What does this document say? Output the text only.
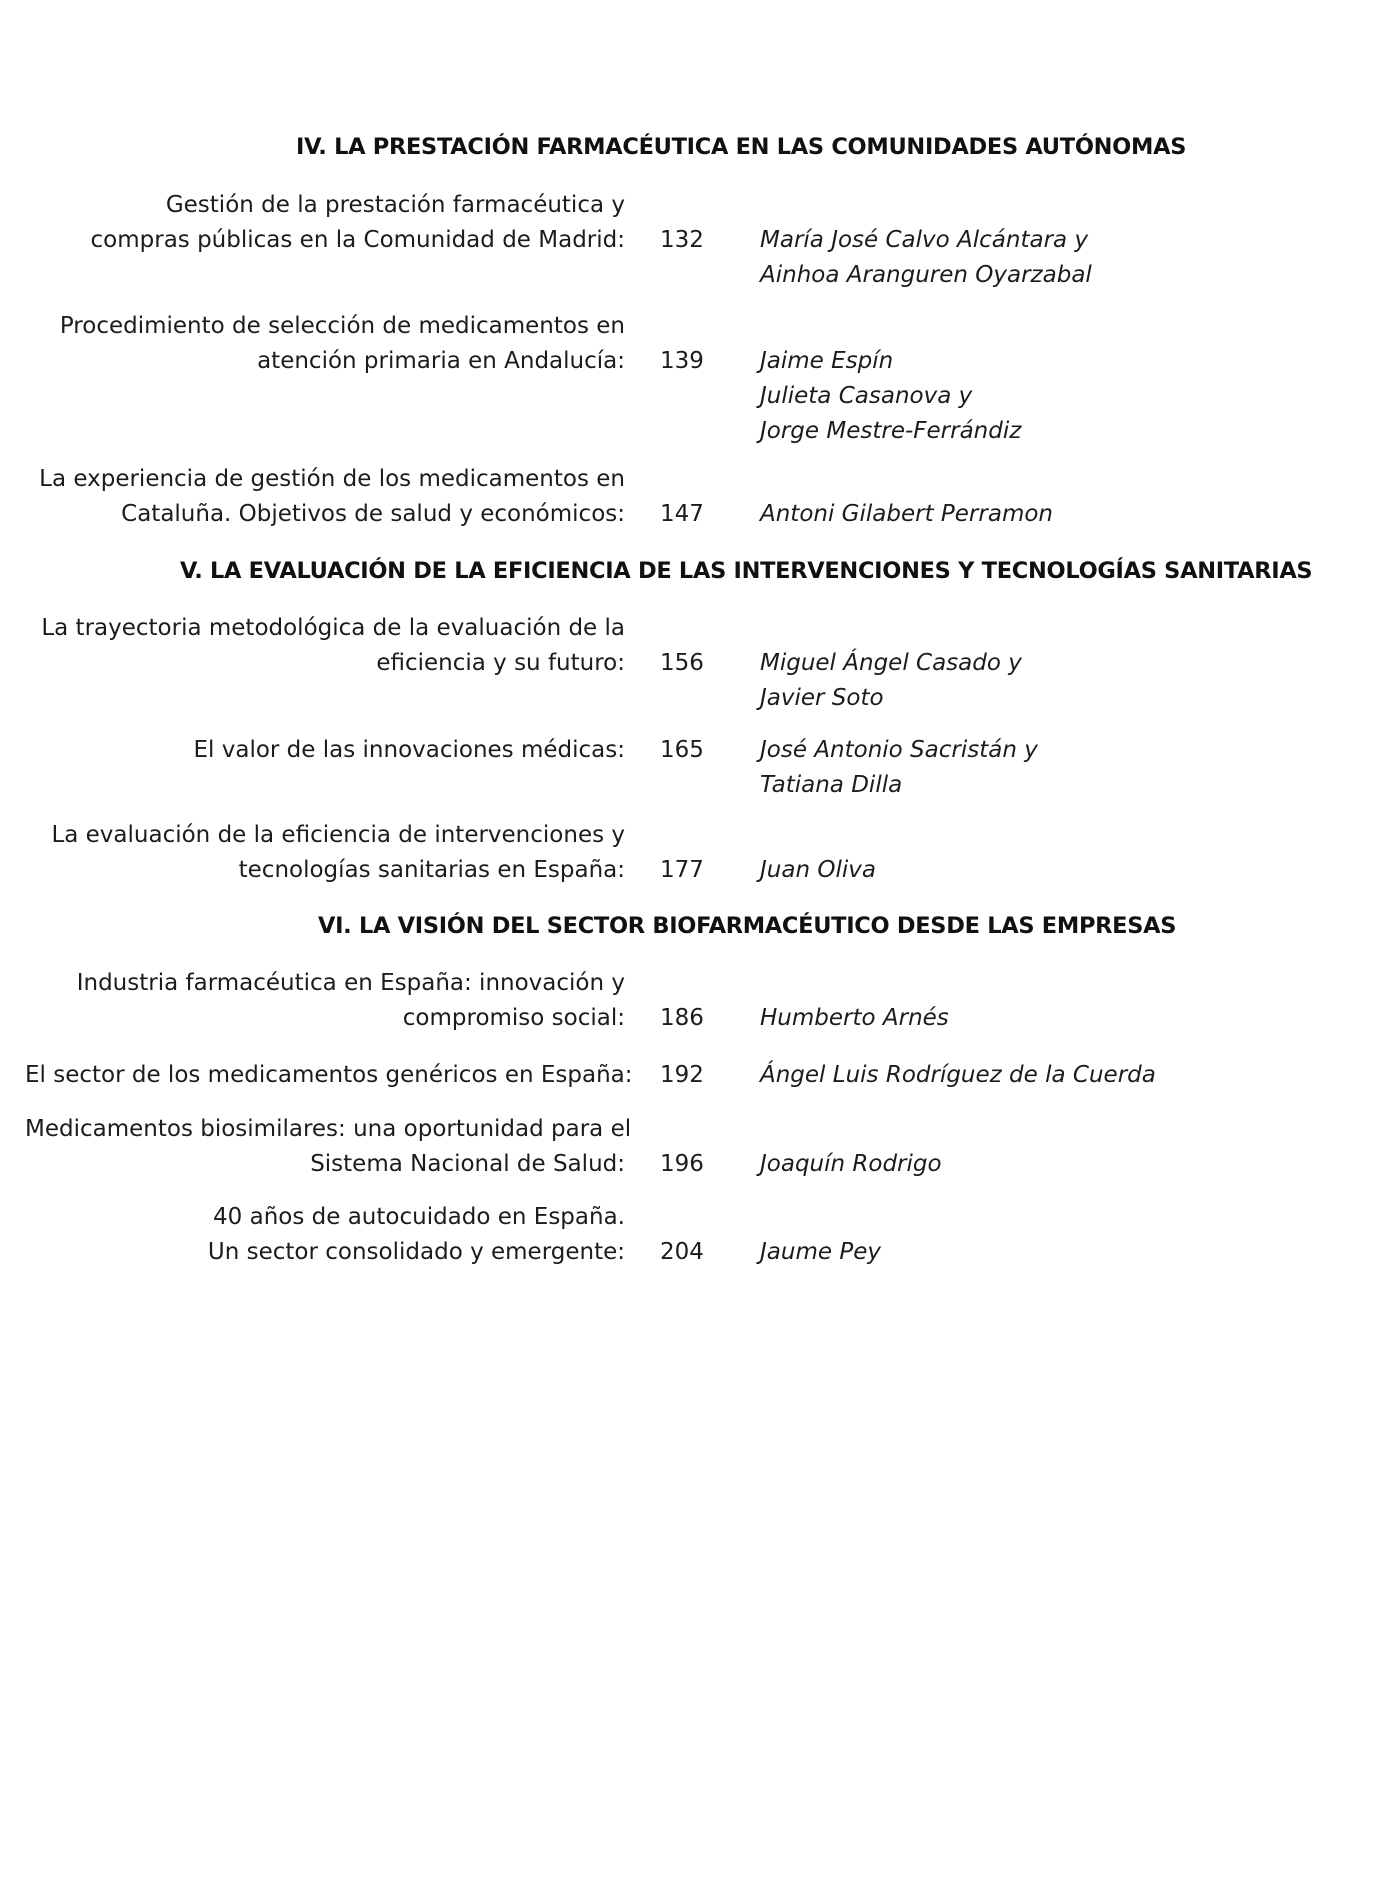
IV. LA PRESTACIÓN FARMACÉUTICA EN LAS COMUNIDADES AUTÓNOMAS
Gestión de la prestación farmacéutica y
compras públicas en la Comunidad de Madrid: 132 María José Calvo Alcántara y
Ainhoa Aranguren Oyarzabal
Procedimiento de selección de medicamentos en
atención primaria en Andalucía: 139 Jaime Espín
Julieta Casanova y
Jorge Mestre-Ferrándiz
La experiencia de gestión de los medicamentos en
Cataluña. Objetivos de salud y económicos: 147 Antoni Gilabert Perramon
V. LA EVALUACIÓN DE LA EFICIENCIA DE LAS INTERVENCIONES Y TECNOLOGÍAS SANITARIAS
La trayectoria metodológica de la evaluación de la
eficiencia y su futuro: 156 Miguel Ángel Casado y
Javier Soto
El valor de las innovaciones médicas: 165 José Antonio Sacristán y
Tatiana Dilla
La evaluación de la eficiencia de intervenciones y
tecnologías sanitarias en España: 177 Juan Oliva
VI. LA VISIÓN DEL SECTOR BIOFARMACÉUTICO DESDE LAS EMPRESAS
Industria farmacéutica en España: innovación y
compromiso social: 186 Humberto Arnés
El sector de los medicamentos genéricos en España: 192 Ángel Luis Rodríguez de la Cuerda
Medicamentos biosimilares: una oportunidad para el
Sistema Nacional de Salud: 196 Joaquín Rodrigo
40 años de autocuidado en España.
Un sector consolidado y emergente: 204 Jaume Pey
